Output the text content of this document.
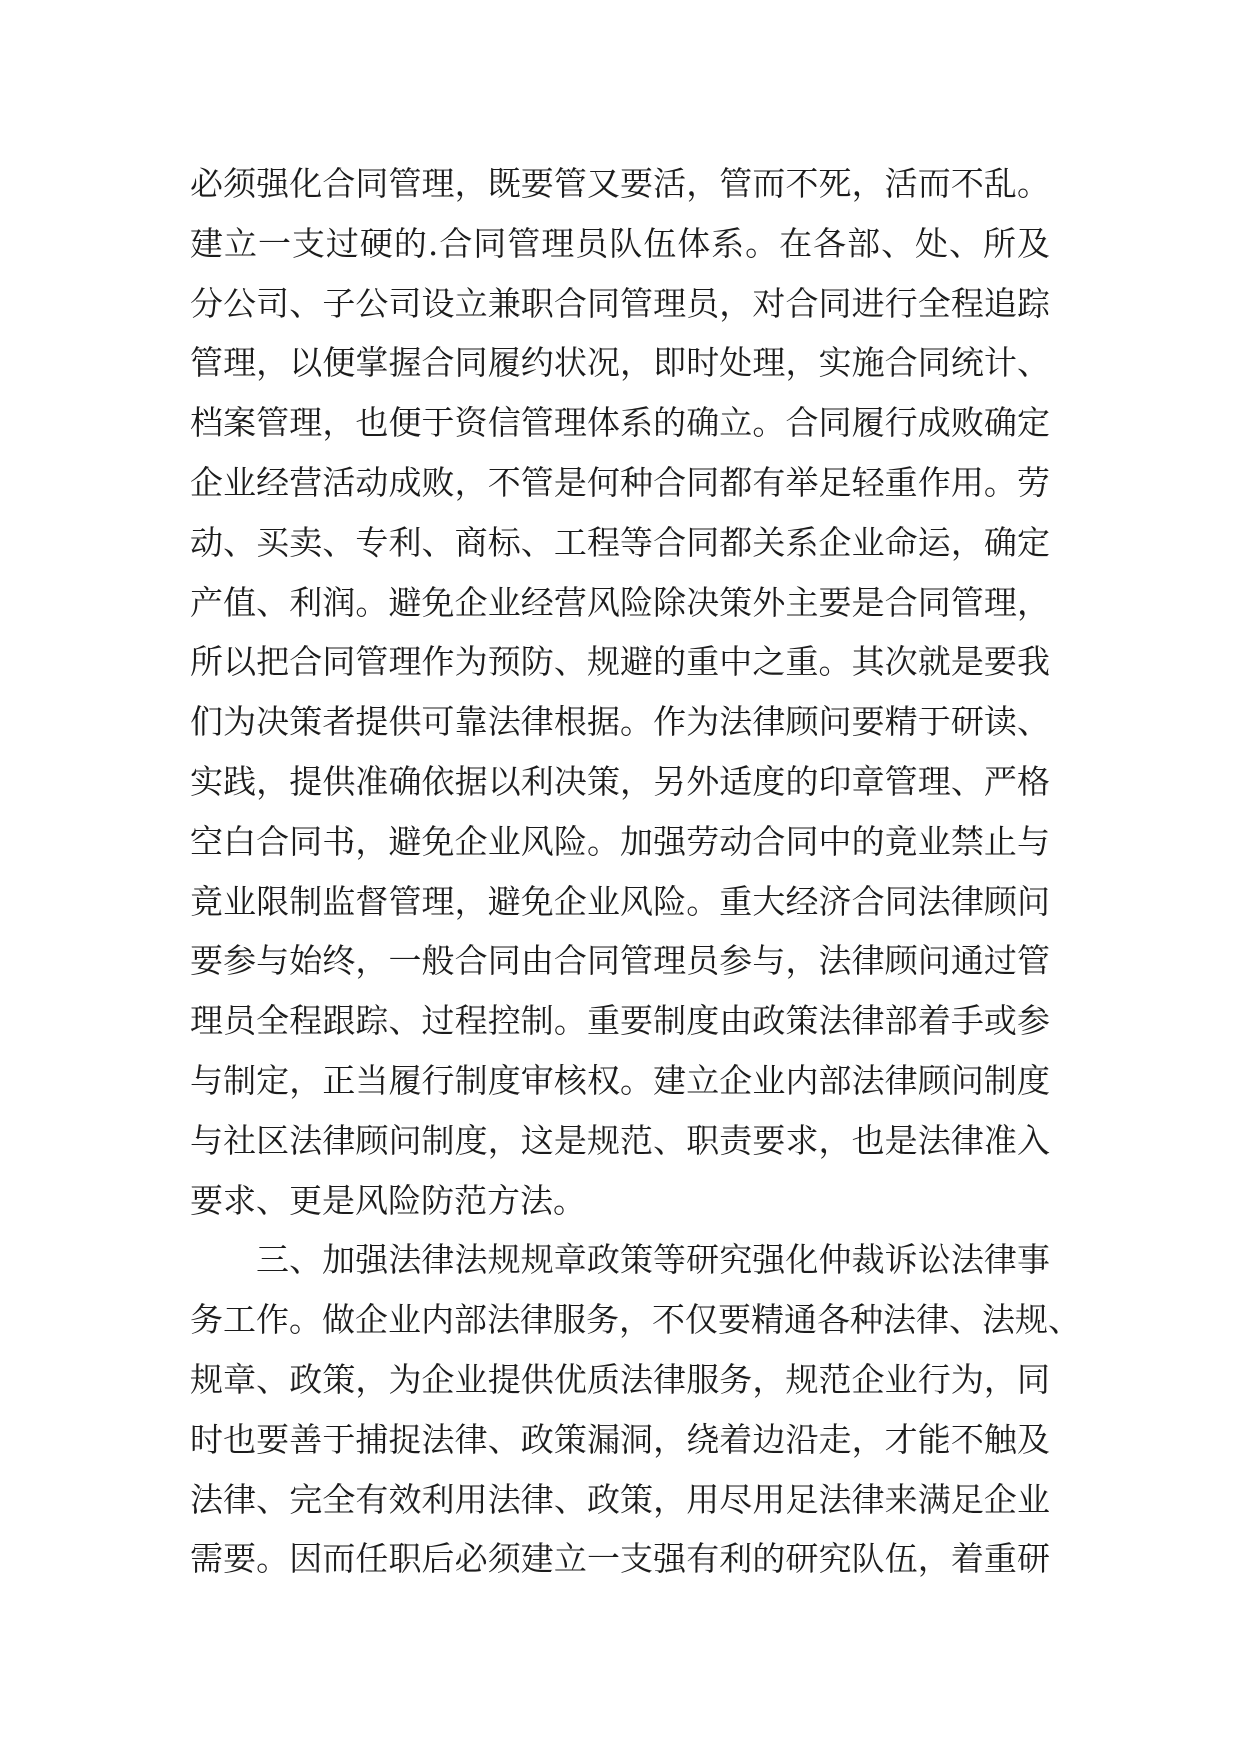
必须强化合同管理，既要管又要活，管而不死，活而不乱。
建立一支过硬的.合同管理员队伍体系。在各部、处、所及
分公司、子公司设立兼职合同管理员，对合同进行全程追踪
管理，以便掌握合同履约状况，即时处理，实施合同统计、
档案管理，也便于资信管理体系的确立。合同履行成败确定
企业经营活动成败，不管是何种合同都有举足轻重作用。劳
动、买卖、专利、商标、工程等合同都关系企业命运，确定
产值、利润。避免企业经营风险除决策外主要是合同管理，
所以把合同管理作为预防、规避的重中之重。其次就是要我
们为决策者提供可靠法律根据。作为法律顾问要精于研读、
实践，提供准确依据以利决策，另外适度的印章管理、严格
空白合同书，避免企业风险。加强劳动合同中的竟业禁止与
竟业限制监督管理，避免企业风险。重大经济合同法律顾问
要参与始终，一般合同由合同管理员参与，法律顾问通过管
理员全程跟踪、过程控制。重要制度由政策法律部着手或参
与制定，正当履行制度审核权。建立企业内部法律顾问制度
与社区法律顾问制度，这是规范、职责要求，也是法律准入
要求、更是风险防范方法。
三、加强法律法规规章政策等研究强化仲裁诉讼法律事
务工作。做企业内部法律服务，不仅要精通各种法律、法规、
规章、政策，为企业提供优质法律服务，规范企业行为，同
时也要善于捕捉法律、政策漏洞，绕着边沿走，才能不触及
法律、完全有效利用法律、政策，用尽用足法律来满足企业
需要。因而任职后必须建立一支强有利的研究队伍，着重研
